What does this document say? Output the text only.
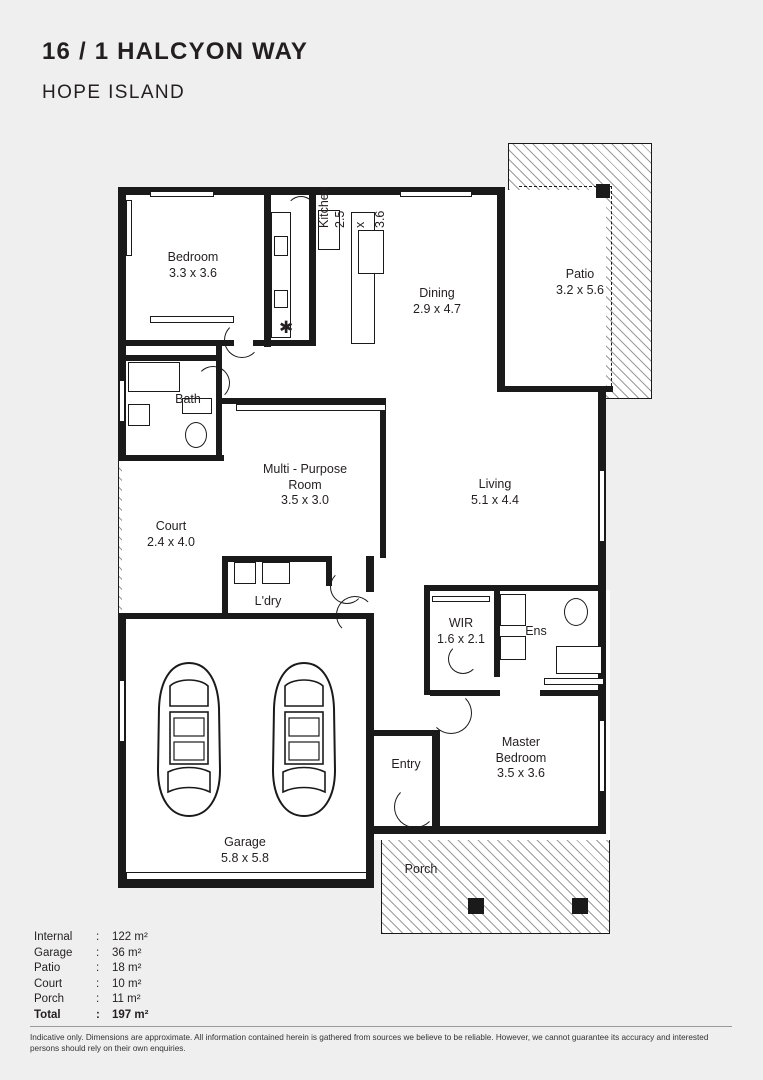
16 / 1 HALCYON WAY
HOPE ISLAND
✱
Bedroom
3.3 x 3.6
Kitchen 2.5 x 3.6
Dining
2.9 x 4.7
Patio
3.2 x 5.6
Bath
Multi - Purpose
Room
3.5 x 3.0
Living
5.1 x 4.4
Court
2.4 x 4.0
L'dry
WIR
1.6 x 2.1
Ens
Master
Bedroom
3.5 x 3.6
Entry
Garage
5.8 x 5.8
Porch
Internal	:	122 m²
Garage	:	36 m²
Patio	:	18 m²
Court	:	10 m²
Porch	:	11 m²
Total	:	197 m²
Indicative only. Dimensions are approximate. All information contained herein is gathered from sources we believe to be reliable. However, we cannot guarantee its accuracy and interested persons should rely on their own enquiries.
